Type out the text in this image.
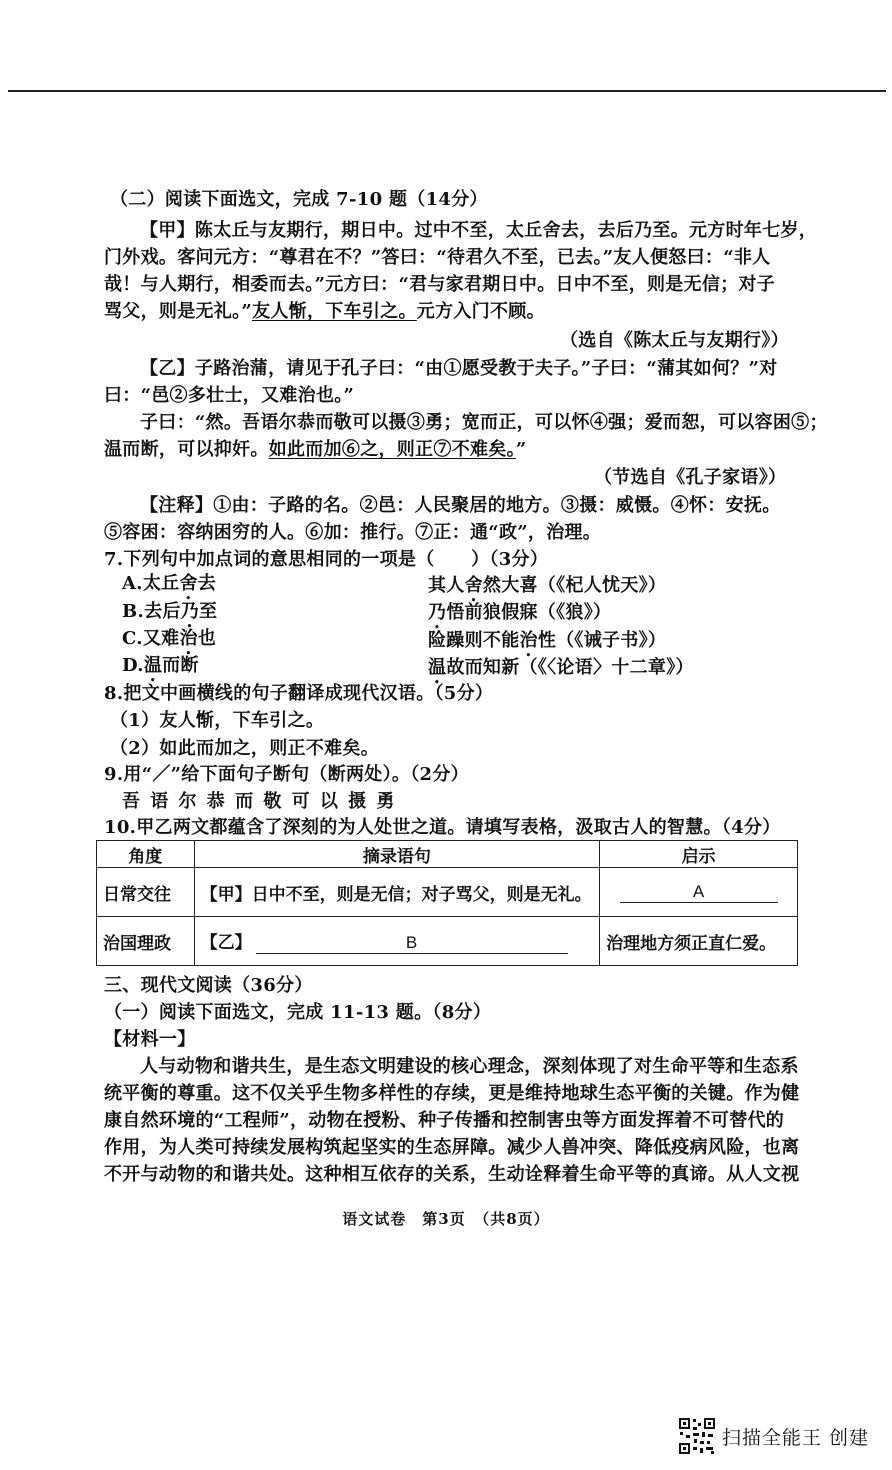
（二）阅读下面选文，完成 7-10 题（14分）
【甲】陈太丘与友期行，期日中。过中不至，太丘舍去，去后乃至。元方时年七岁，
门外戏。客问元方：“尊君在不？”答曰：“待君久不至，已去。”友人便怒曰：“非人
哉！与人期行，相委而去。”元方曰：“君与家君期日中。日中不至，则是无信；对子
骂父，则是无礼。”友人惭，下车引之。元方入门不顾。
（选自《陈太丘与友期行》）
【乙】子路治蒲，请见于孔子曰：“由①愿受教于夫子。”子曰：“蒲其如何？”对
曰：“邑②多壮士，又难治也。”
子曰：“然。吾语尔恭而敬可以摄③勇；宽而正，可以怀④强；爱而恕，可以容困⑤；
温而断，可以抑奸。如此而加⑥之，则正⑦不难矣。”
（节选自《孔子家语》）
【注释】①由：子路的名。②邑：人民聚居的地方。③摄：威慑。④怀：安抚。
⑤容困：容纳困穷的人。⑥加：推行。⑦正：通“政”，治理。
7.下列句中加点词的意思相同的一项是（　　）（3分）
A.太丘舍去	其人舍然大喜（《杞人忧天》）
B.去后乃至	乃悟前狼假寐（《狼》）
C.又难治也	险躁则不能治性（《诫子书》）
D.温而断	温故而知新（《〈论语〉十二章》）
8.把文中画横线的句子翻译成现代汉语。（5分）
（1）友人惭，下车引之。
（2）如此而加之，则正不难矣。
9.用“／”给下面句子断句（断两处）。（2分）
吾 语 尔 恭 而 敬 可 以 摄 勇
10.甲乙两文都蕴含了深刻的为人处世之道。请填写表格，汲取古人的智慧。（4分）
角度	摘录语句	启示
日常交往	【甲】日中不至，则是无信；对子骂父，则是无礼。	A
治国理政	【乙】 B	治理地方须正直仁爱。
三、现代文阅读（36分）
（一）阅读下面选文，完成 11-13 题。（8分）
【材料一】
人与动物和谐共生，是生态文明建设的核心理念，深刻体现了对生命平等和生态系
统平衡的尊重。这不仅关乎生物多样性的存续，更是维持地球生态平衡的关键。作为健
康自然环境的“工程师”，动物在授粉、种子传播和控制害虫等方面发挥着不可替代的
作用，为人类可持续发展构筑起坚实的生态屏障。减少人兽冲突、降低疫病风险，也离
不开与动物的和谐共处。这种相互依存的关系，生动诠释着生命平等的真谛。从人文视
语文试卷　第3页　（共8页）
扫描全能王 创建
